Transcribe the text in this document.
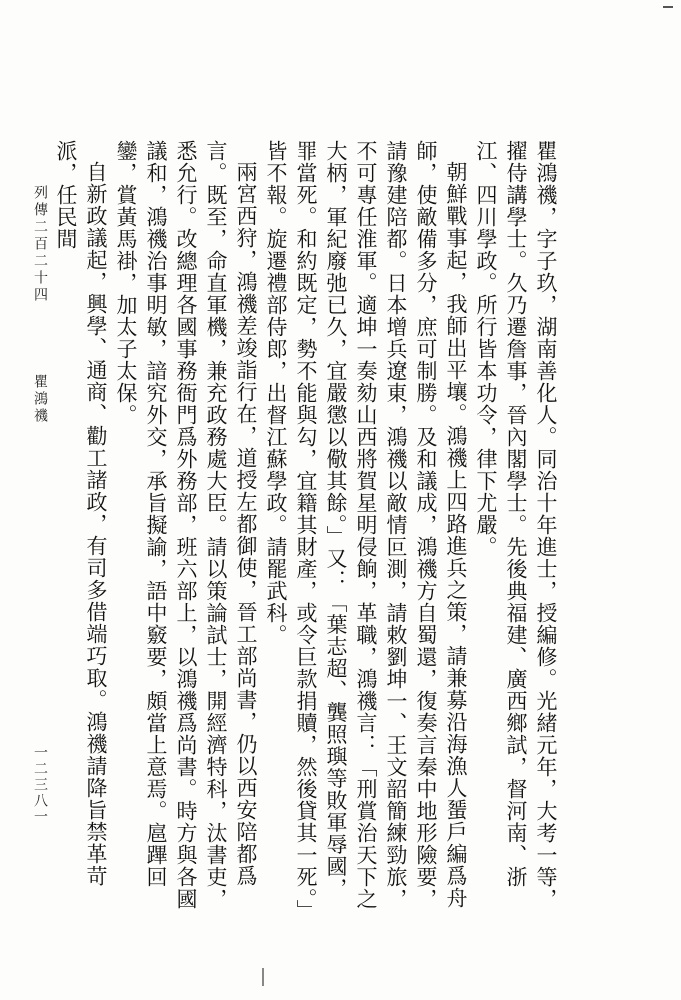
瞿鴻禨，字子玖，湖南善化人。同治十年進士，授編修。光緒元年，大考一等，擢侍講學士。久乃遷詹事，晉內閣學士。先後典福建、廣西鄉試，督河南、浙江、四川學政。所行皆本功令，律下尤嚴。

朝鮮戰事起，我師出平壤。鴻禨上四路進兵之策，請兼募沿海漁人蜑戶編爲舟師，使敵備多分，庶可制勝。及和議成，鴻禨方自蜀還，復奏言秦中地形險要，請豫建陪都。日本增兵遼東，鴻禨以敵情叵測，請敕劉坤一、王文韶簡練勁旅，不可專任淮軍。適坤一奏劾山西將賀星明侵餉，革職，鴻禨言：「刑賞治天下之大柄，軍紀廢弛已久，宜嚴懲以儆其餘。」又：「葉志超、龔照璵等敗軍辱國，罪當死。和約既定，勢不能與勾，宜籍其財產，或令巨款捐贖，然後貸其一死。」皆不報。旋遷禮部侍郎，出督江蘇學政。請罷武科。

兩宮西狩，鴻禨差竣詣行在，道授左都御使，晉工部尚書，仍以西安陪都爲言。既至，命直軍機，兼充政務處大臣。請以策論試士，開經濟特科，汰書吏，悉允行。改總理各國事務衙門爲外務部，班六部上，以鴻禨爲尚書。時方與各國議和，鴻禨治事明敏，諳究外交，承旨擬諭，語中竅要，頗當上意焉。扈蹕回鑾，賞黃馬褂，加太子太保。

自新政議起，興學、通商、勸工諸政，有司多借端巧取。鴻禨請降旨禁革苛派，任民間

列傳二百二十四瞿鴻禨
一二三八一
